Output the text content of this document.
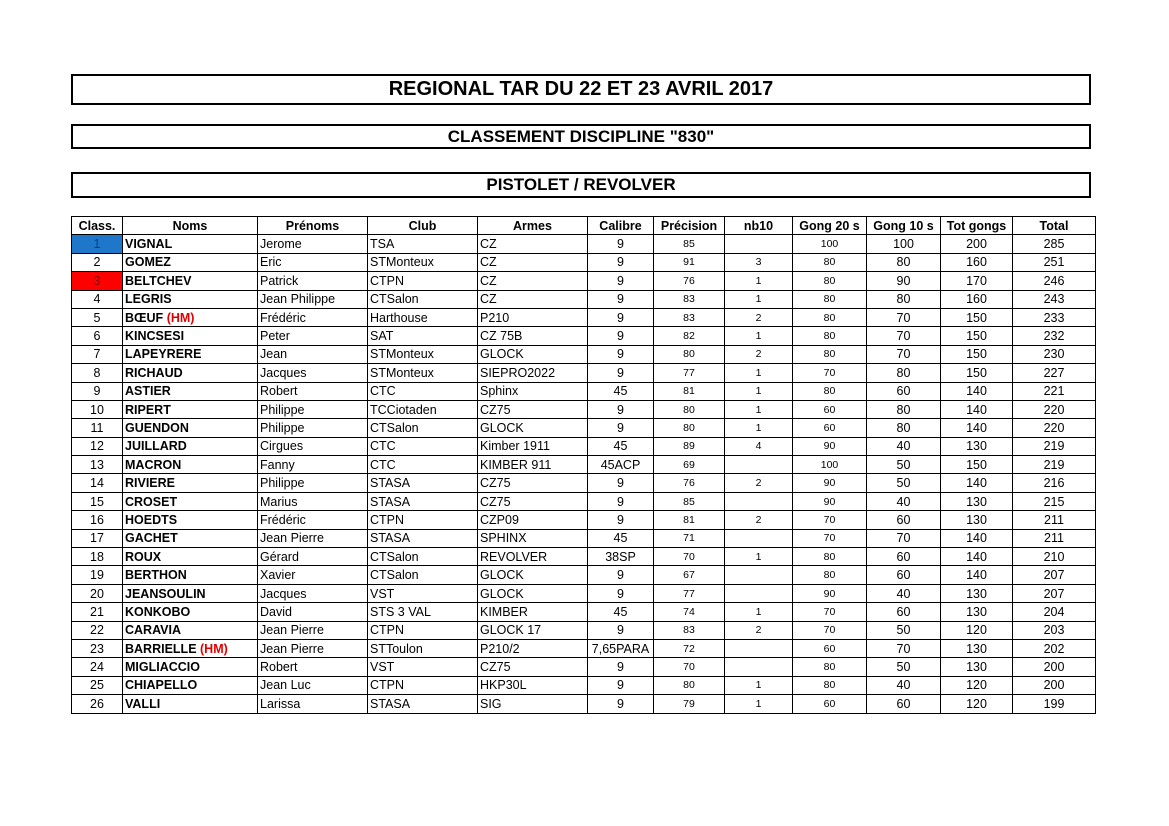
REGIONAL TAR DU 22 ET 23 AVRIL 2017
CLASSEMENT DISCIPLINE "830"
PISTOLET / REVOLVER
Class.	Noms	Prénoms	Club	Armes	Calibre	Précision	nb10	Gong 20 s	Gong 10 s	Tot gongs	Total
1	VIGNAL	Jerome	TSA	CZ	9	85		100	100	200	285
2	GOMEZ	Eric	STMonteux	CZ	9	91	3	80	80	160	251
3	BELTCHEV	Patrick	CTPN	CZ	9	76	1	80	90	170	246
4	LEGRIS	Jean Philippe	CTSalon	CZ	9	83	1	80	80	160	243
5	BŒUF (HM)	Frédéric	Harthouse	P210	9	83	2	80	70	150	233
6	KINCSESI	Peter	SAT	CZ 75B	9	82	1	80	70	150	232
7	LAPEYRERE	Jean	STMonteux	GLOCK	9	80	2	80	70	150	230
8	RICHAUD	Jacques	STMonteux	SIEPRO2022	9	77	1	70	80	150	227
9	ASTIER	Robert	CTC	Sphinx	45	81	1	80	60	140	221
10	RIPERT	Philippe	TCCiotaden	CZ75	9	80	1	60	80	140	220
11	GUENDON	Philippe	CTSalon	GLOCK	9	80	1	60	80	140	220
12	JUILLARD	Cirgues	CTC	Kimber 1911	45	89	4	90	40	130	219
13	MACRON	Fanny	CTC	KIMBER 911	45ACP	69		100	50	150	219
14	RIVIERE	Philippe	STASA	CZ75	9	76	2	90	50	140	216
15	CROSET	Marius	STASA	CZ75	9	85		90	40	130	215
16	HOEDTS	Frédéric	CTPN	CZP09	9	81	2	70	60	130	211
17	GACHET	Jean Pierre	STASA	SPHINX	45	71		70	70	140	211
18	ROUX	Gérard	CTSalon	REVOLVER	38SP	70	1	80	60	140	210
19	BERTHON	Xavier	CTSalon	GLOCK	9	67		80	60	140	207
20	JEANSOULIN	Jacques	VST	GLOCK	9	77		90	40	130	207
21	KONKOBO	David	STS 3 VAL	KIMBER	45	74	1	70	60	130	204
22	CARAVIA	Jean Pierre	CTPN	GLOCK 17	9	83	2	70	50	120	203
23	BARRIELLE (HM)	Jean Pierre	STToulon	P210/2	7,65PARA	72		60	70	130	202
24	MIGLIACCIO	Robert	VST	CZ75	9	70		80	50	130	200
25	CHIAPELLO	Jean Luc	CTPN	HKP30L	9	80	1	80	40	120	200
26	VALLI	Larissa	STASA	SIG	9	79	1	60	60	120	199
